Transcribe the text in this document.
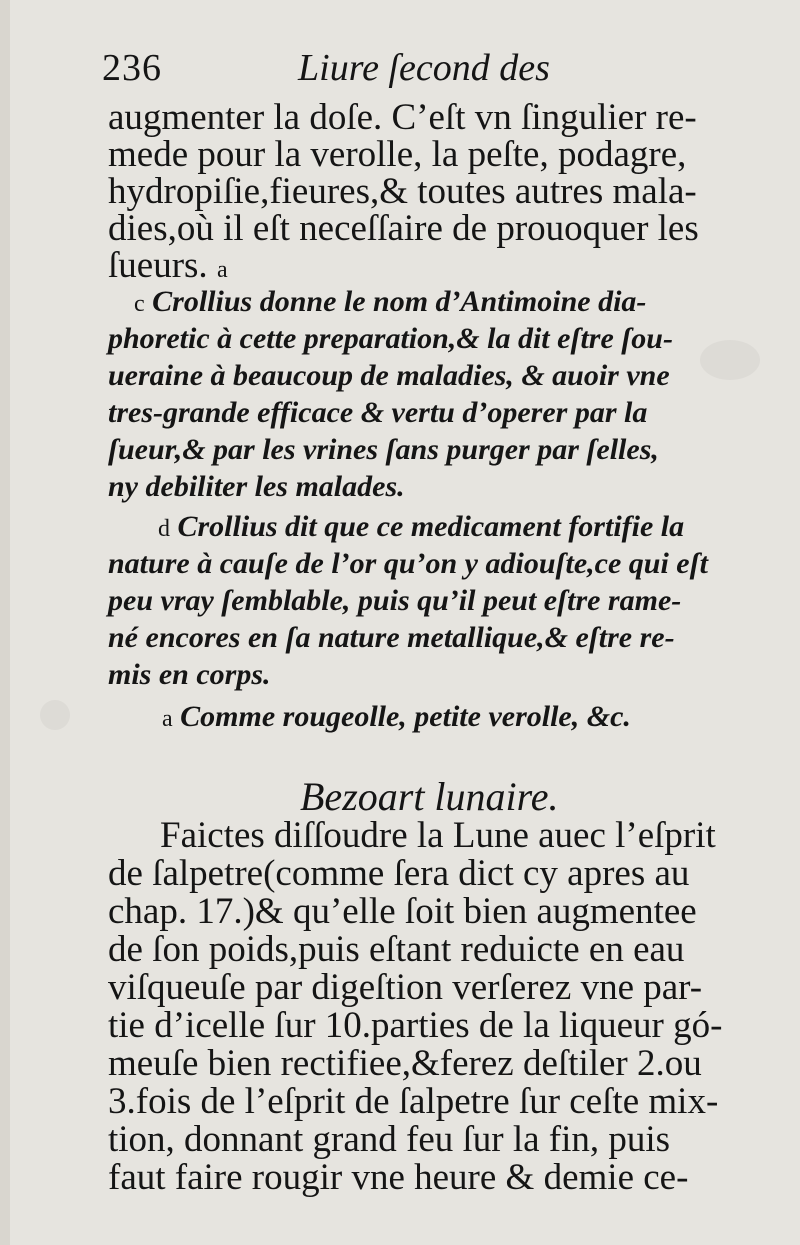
236	Liure ſecond des
augmenter la doſe. C’eſt vn ſingulier re-
mede pour la verolle, la peſte, podagre,
hydropiſie,fieures,& toutes autres mala-
dies,où il eſt neceſſaire de prouoquer les
ſueurs. a
c Crollius donne le nom d’Antimoine dia-
phoretic à cette preparation,& la dit eſtre ſou-
ueraine à beaucoup de maladies, & auoir vne
tres-grande efficace & vertu d’operer par la
ſueur,& par les vrines ſans purger par ſelles,
ny debiliter les malades.
d Crollius dit que ce medicament fortifie la
nature à cauſe de l’or qu’on y adiouſte,ce qui eſt
peu vray ſemblable, puis qu’il peut eſtre rame-
né encores en ſa nature metallique,& eſtre re-
mis en corps.
a Comme rougeolle, petite verolle, &c.
Bezoart lunaire.
Faictes diſſoudre la Lune auec l’eſprit
de ſalpetre(comme ſera dict cy apres au
chap. 17.)& qu’elle ſoit bien augmentee
de ſon poids,puis eſtant reduicte en eau
viſqueuſe par digeſtion verſerez vne par-
tie d’icelle ſur 10.parties de la liqueur gó-
meuſe bien rectifiee,&ferez deſtiler 2.ou
3.fois de l’eſprit de ſalpetre ſur ceſte mix-
tion, donnant grand feu ſur la fin, puis
faut faire rougir vne heure & demie ce-
